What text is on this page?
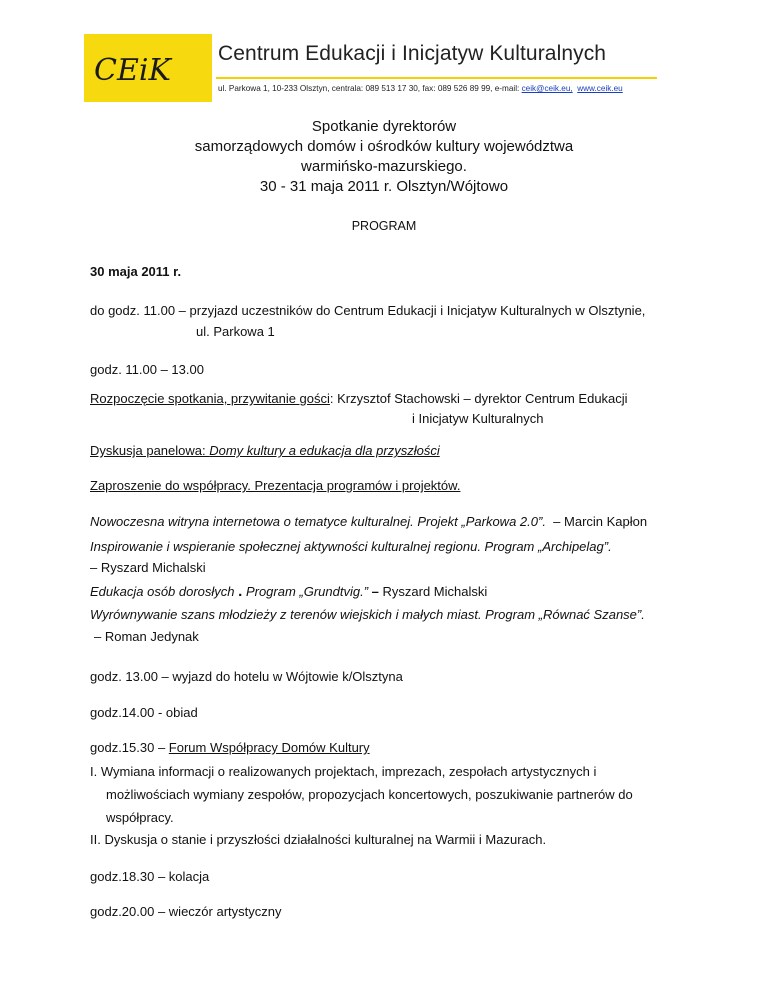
CEiK Centrum Edukacji i Inicjatyw Kulturalnych
ul. Parkowa 1, 10-233 Olsztyn, centrala: 089 513 17 30, fax: 089 526 89 99, e-mail: ceik@ceik.eu, www.ceik.eu
Spotkanie dyrektorów
samorządowych domów i ośrodków kultury województwa
warmińsko-mazurskiego.
30 - 31 maja 2011 r. Olsztyn/Wójtowo
PROGRAM
30 maja 2011 r.
do godz. 11.00 – przyjazd uczestników do Centrum Edukacji i Inicjatyw Kulturalnych w Olsztynie,
ul. Parkowa 1
godz. 11.00 – 13.00
Rozpoczęcie spotkania, przywitanie gości: Krzysztof Stachowski – dyrektor Centrum Edukacji
i Inicjatyw Kulturalnych
Dyskusja panelowa: Domy kultury a edukacja dla przyszłości
Zaproszenie do współpracy. Prezentacja programów i projektów.
Nowoczesna witryna internetowa o tematyce kulturalnej. Projekt „Parkowa 2.0”. – Marcin Kapłon
Inspirowanie i wspieranie społecznej aktywności kulturalnej regionu. Program „Archipelag”.
– Ryszard Michalski
Edukacja osób dorosłych . Program „Grundtvig.” – Ryszard Michalski
Wyrównywanie szans młodzieży z terenów wiejskich i małych miast. Program „Równać Szanse”.
– Roman Jedynak
godz. 13.00 – wyjazd do hotelu w Wójtowie k/Olsztyna
godz.14.00 - obiad
godz.15.30 – Forum Współpracy Domów Kultury
I. Wymiana informacji o realizowanych projektach, imprezach, zespołach artystycznych i
możliwościach wymiany zespołów, propozycjach koncertowych, poszukiwanie partnerów do
współpracy.
II. Dyskusja o stanie i przyszłości działalności kulturalnej na Warmii i Mazurach.
godz.18.30 – kolacja
godz.20.00 – wieczór artystyczny
